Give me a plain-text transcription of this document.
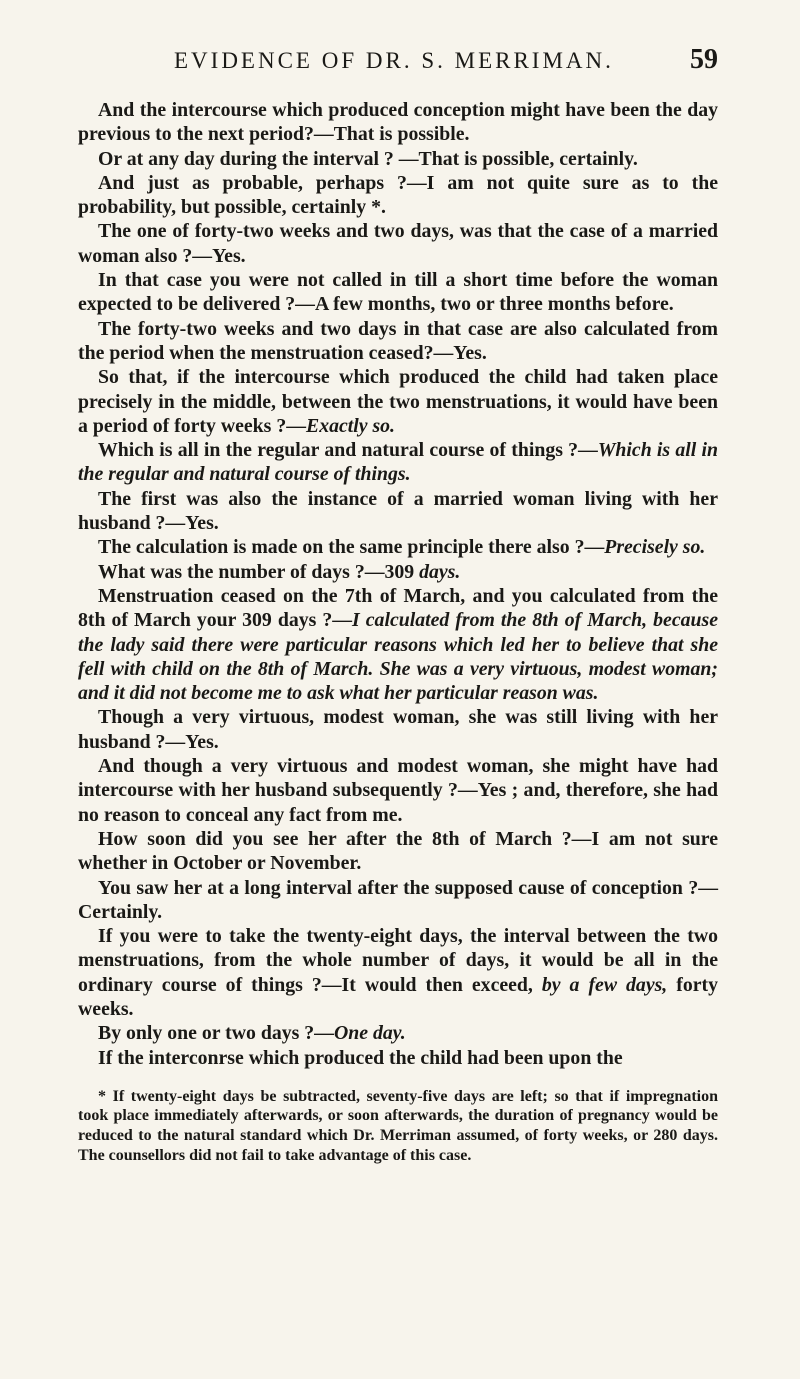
EVIDENCE OF DR. S. MERRIMAN.	59

And the intercourse which produced conception might have been the day previous to the next period?—That is possible.

Or at any day during the interval ? —That is possible, certainly.

And just as probable, perhaps ?—I am not quite sure as to the probability, but possible, certainly *.

The one of forty-two weeks and two days, was that the case of a married woman also ?—Yes.

In that case you were not called in till a short time before the woman expected to be delivered ?—A few months, two or three months before.

The forty-two weeks and two days in that case are also calculated from the period when the menstruation ceased?—Yes.

So that, if the intercourse which produced the child had taken place precisely in the middle, between the two menstruations, it would have been a period of forty weeks ?—Exactly so.

Which is all in the regular and natural course of things ?—Which is all in the regular and natural course of things.

The first was also the instance of a married woman living with her husband ?—Yes.

The calculation is made on the same principle there also ?—Precisely so.

What was the number of days ?—309 days.

Menstruation ceased on the 7th of March, and you calculated from the 8th of March your 309 days ?—I calculated from the 8th of March, because the lady said there were particular reasons which led her to believe that she fell with child on the 8th of March. She was a very virtuous, modest woman; and it did not become me to ask what her particular reason was.

Though a very virtuous, modest woman, she was still living with her husband ?—Yes.

And though a very virtuous and modest woman, she might have had intercourse with her husband subsequently ?—Yes ; and, therefore, she had no reason to conceal any fact from me.

How soon did you see her after the 8th of March ?—I am not sure whether in October or November.

You saw her at a long interval after the supposed cause of conception ?—Certainly.

If you were to take the twenty-eight days, the interval between the two menstruations, from the whole number of days, it would be all in the ordinary course of things ?—It would then exceed, by a few days, forty weeks.

By only one or two days ?—One day.

If the interconrse which produced the child had been upon the

* If twenty-eight days be subtracted, seventy-five days are left; so that if impregnation took place immediately afterwards, or soon afterwards, the duration of pregnancy would be reduced to the natural standard which Dr. Merriman assumed, of forty weeks, or 280 days. The counsellors did not fail to take advantage of this case.
